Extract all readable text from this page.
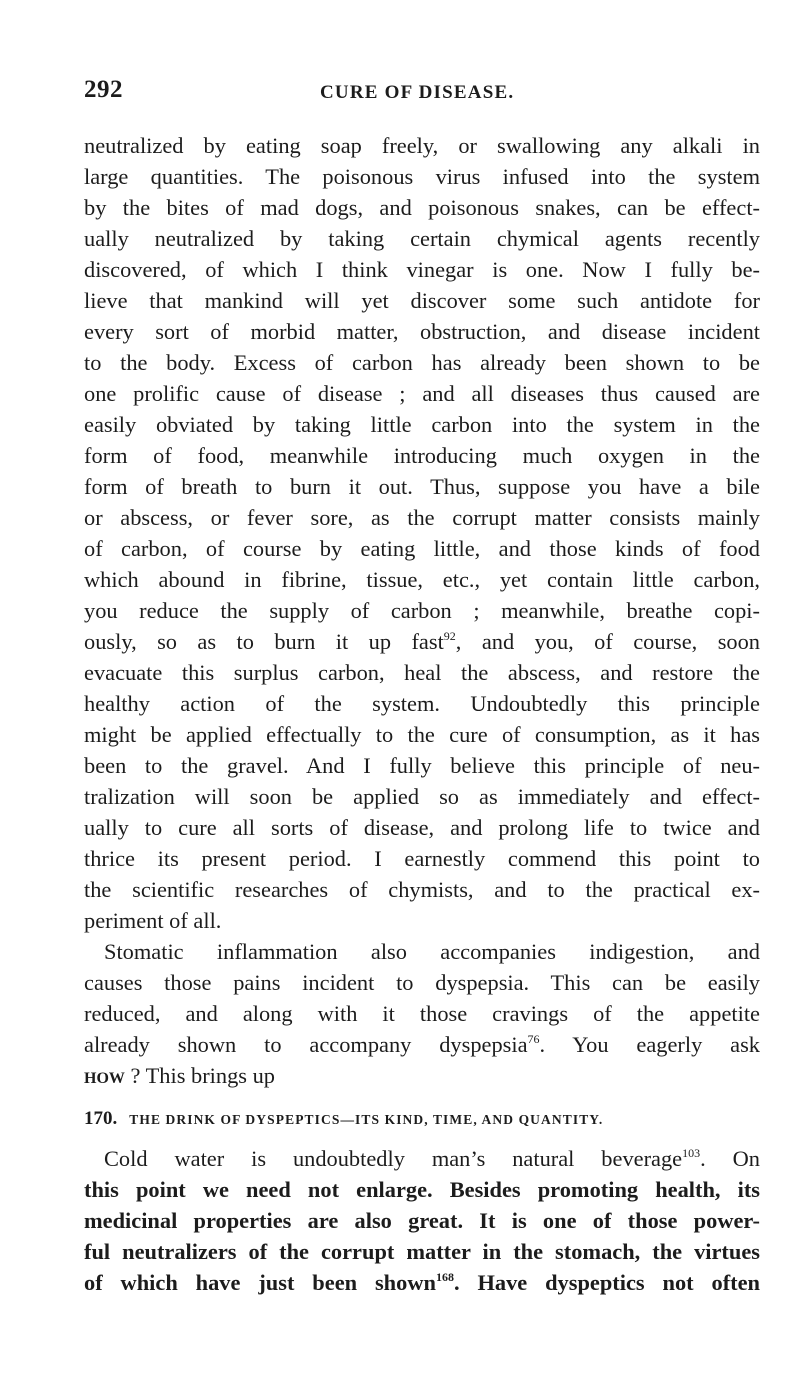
292	CURE OF DISEASE.
neutralized by eating soap freely, or swallowing any alkali in
large quantities. The poisonous virus infused into the system
by the bites of mad dogs, and poisonous snakes, can be effect-
ually neutralized by taking certain chymical agents recently
discovered, of which I think vinegar is one. Now I fully be-
lieve that mankind will yet discover some such antidote for
every sort of morbid matter, obstruction, and disease incident
to the body. Excess of carbon has already been shown to be
one prolific cause of disease ; and all diseases thus caused are
easily obviated by taking little carbon into the system in the
form of food, meanwhile introducing much oxygen in the
form of breath to burn it out. Thus, suppose you have a bile
or abscess, or fever sore, as the corrupt matter consists mainly
of carbon, of course by eating little, and those kinds of food
which abound in fibrine, tissue, etc., yet contain little carbon,
you reduce the supply of carbon ; meanwhile, breathe copi-
ously, so as to burn it up fast$^{92}$, and you, of course, soon
evacuate this surplus carbon, heal the abscess, and restore the
healthy action of the system. Undoubtedly this principle
might be applied effectually to the cure of consumption, as it has
been to the gravel. And I fully believe this principle of neu-
tralization will soon be applied so as immediately and effect-
ually to cure all sorts of disease, and prolong life to twice and
thrice its present period. I earnestly commend this point to
the scientific researches of chymists, and to the practical ex-
periment of all.
Stomatic inflammation also accompanies indigestion, and
causes those pains incident to dyspepsia. This can be easily
reduced, and along with it those cravings of the appetite
already shown to accompany dyspepsia$^{76}$. You eagerly ask
how ? This brings up
170. THE DRINK OF DYSPEPTICS—ITS KIND, TIME, AND QUANTITY.
Cold water is undoubtedly man’s natural beverage$^{103}$. On
this point we need not enlarge. Besides promoting health, its
medicinal properties are also great. It is one of those power-
ful neutralizers of the corrupt matter in the stomach, the virtues
of which have just been shown$^{168}$. Have dyspeptics not often
